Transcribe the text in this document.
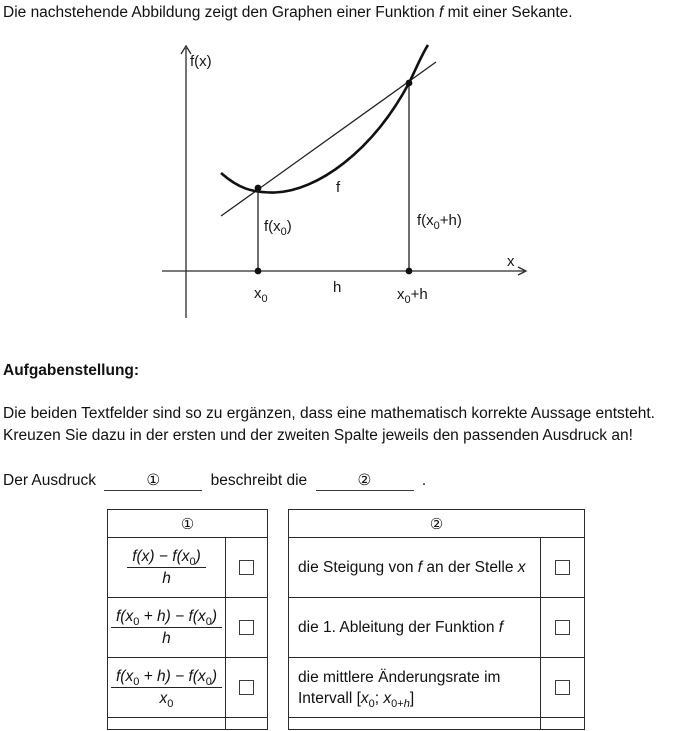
Die nachstehende Abbildung zeigt den Graphen einer Funktion f mit einer Sekante.
f(x)
x
f
$f(x_0)$	$f(x_0+h)$
$x_0$
h	$x_0+h$
Aufgabenstellung:
Die beiden Textfelder sind so zu ergänzen, dass eine mathematisch korrekte Aussage entsteht.
Kreuzen Sie dazu in der ersten und der zweiten Spalte jeweils den passenden Ausdruck an!
Der Ausdruck	①	beschreibt die	②	.
①
$\frac{f(x) - f(x_0)}{h}$
$\frac{f(x_0 + h) - f(x_0)}{h}$
$\frac{f(x_0 + h) - f(x_0)}{x_0}$
②
die Steigung von f an der Stelle x
die 1. Ableitung der Funktion f
die mittlere Änderungsrate im
Intervall [$x_0$; $x_{0+h}$]
